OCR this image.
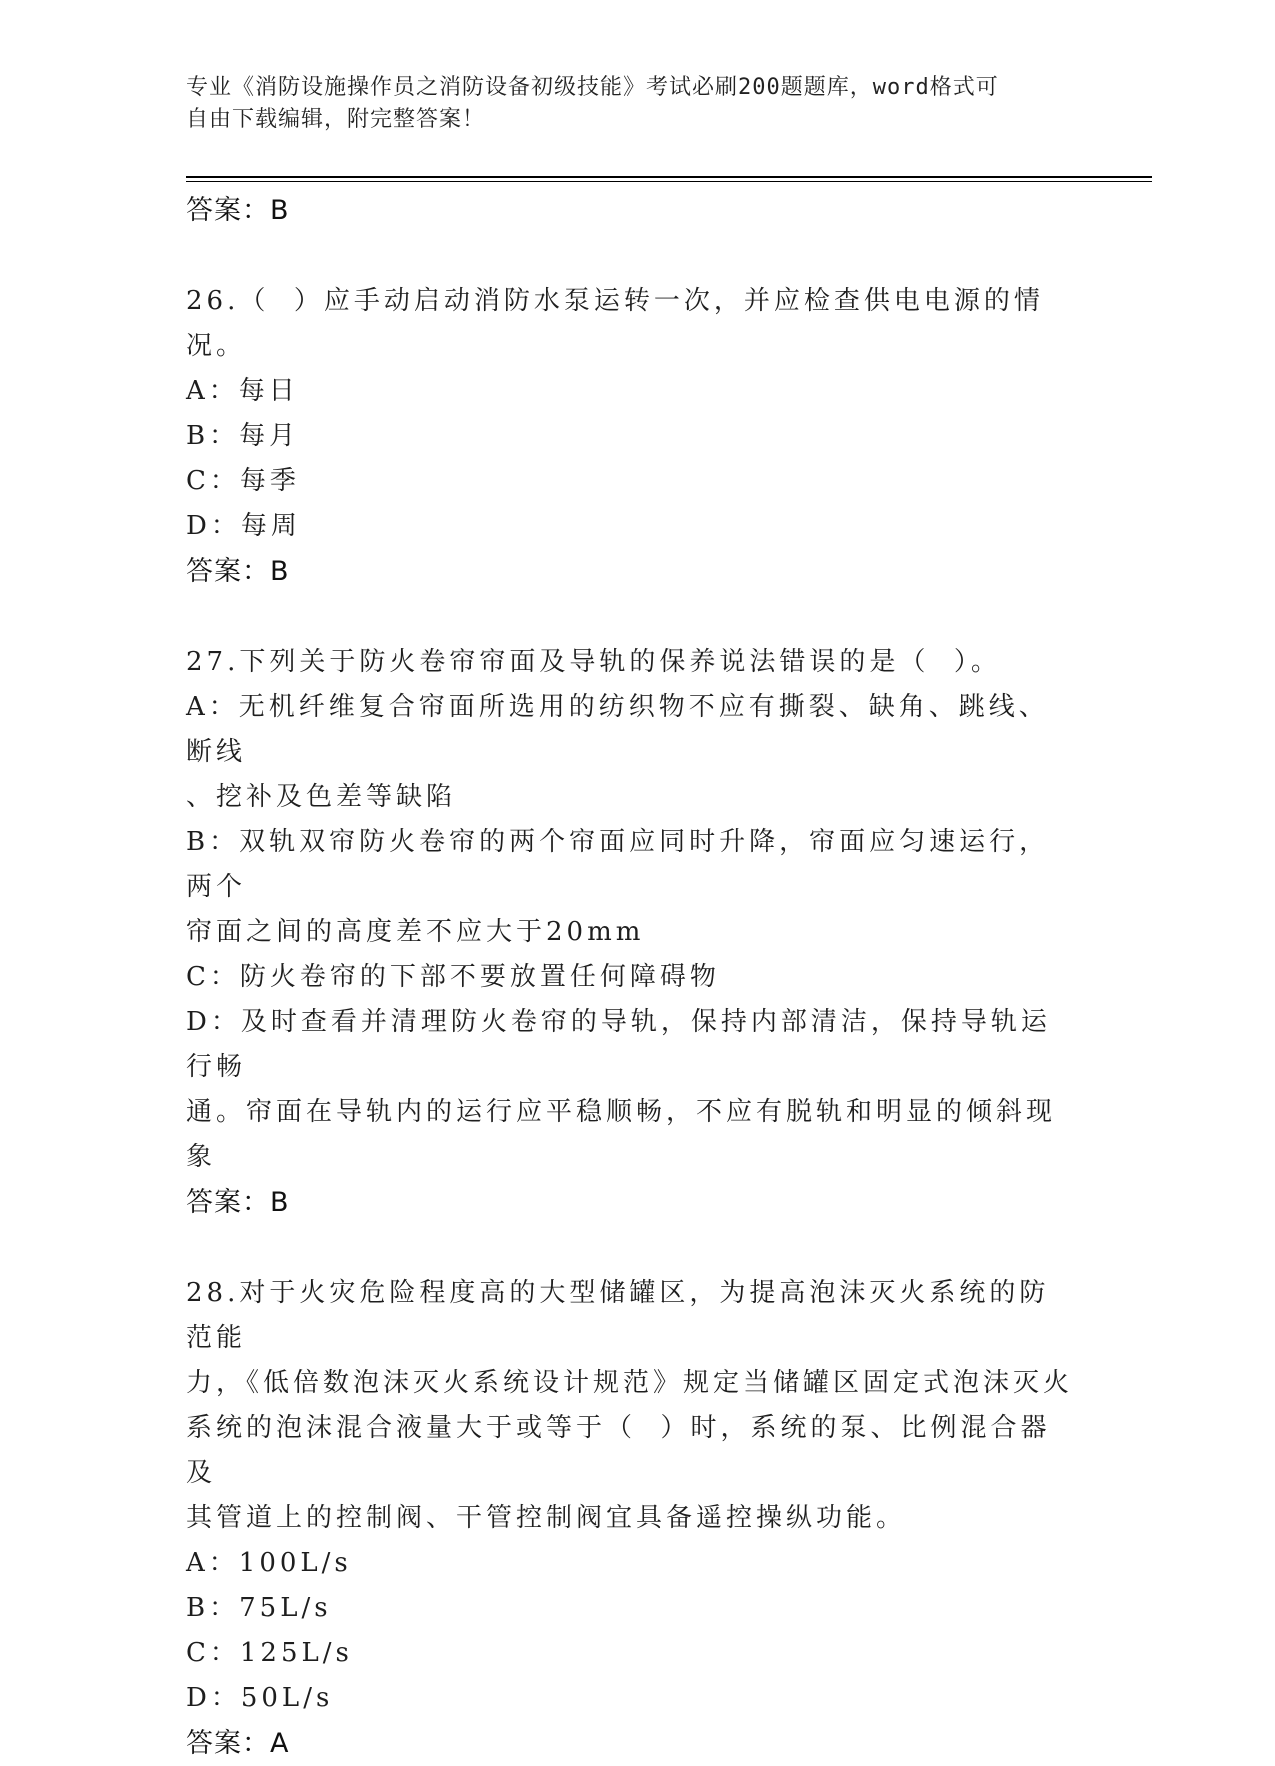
专业《消防设施操作员之消防设备初级技能》考试必刷200题题库，word格式可
自由下载编辑，附完整答案！
答案：B
26.（  ）应手动启动消防水泵运转一次，并应检查供电电源的情况。
A：每日
B：每月
C：每季
D：每周
答案：B
27.下列关于防火卷帘帘面及导轨的保养说法错误的是（  ）。
A：无机纤维复合帘面所选用的纺织物不应有撕裂、缺角、跳线、断线
、挖补及色差等缺陷
B：双轨双帘防火卷帘的两个帘面应同时升降，帘面应匀速运行，两个
帘面之间的高度差不应大于20mm
C：防火卷帘的下部不要放置任何障碍物
D：及时查看并清理防火卷帘的导轨，保持内部清洁，保持导轨运行畅
通。帘面在导轨内的运行应平稳顺畅，不应有脱轨和明显的倾斜现象
答案：B
28.对于火灾危险程度高的大型储罐区，为提高泡沫灭火系统的防范能
力，《低倍数泡沫灭火系统设计规范》规定当储罐区固定式泡沫灭火
系统的泡沫混合液量大于或等于（  ）时，系统的泵、比例混合器及
其管道上的控制阀、干管控制阀宜具备遥控操纵功能。
A：100L/s
B：75L/s
C：125L/s
D：50L/s
答案：A
